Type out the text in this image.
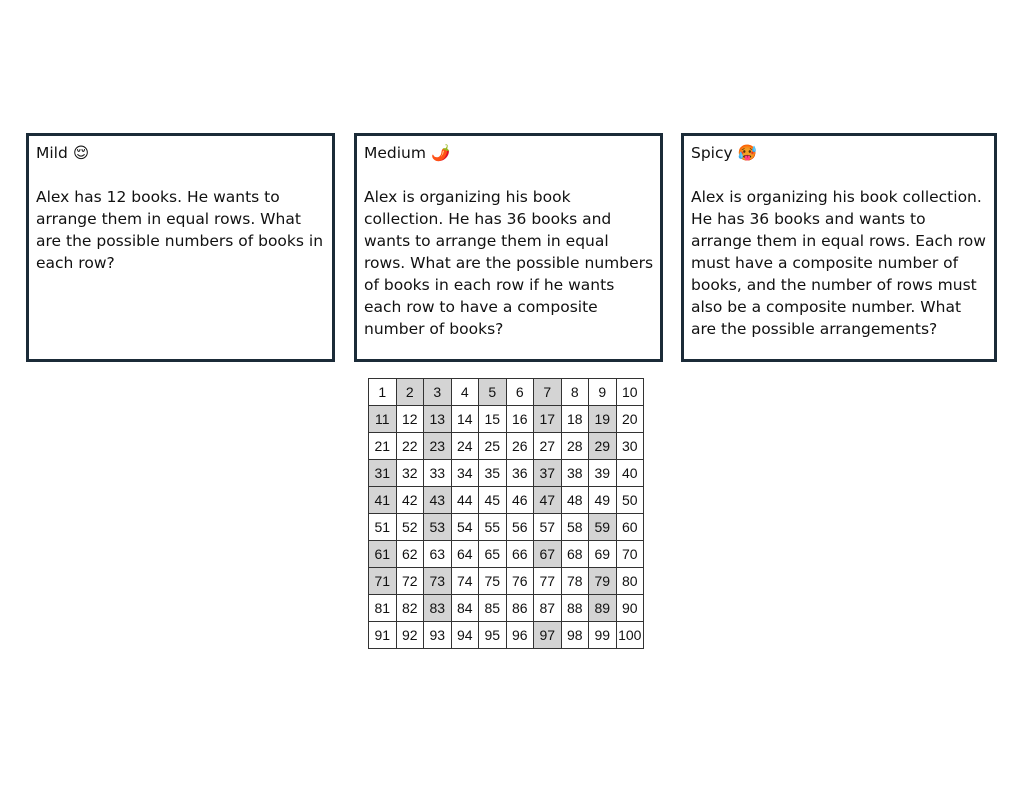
Mild 😌
Alex has 12 books. He wants to arrange them in equal rows. What are the possible numbers of books in each row?
Medium 🌶️
Alex is organizing his book collection. He has 36 books and wants to arrange them in equal rows. What are the possible numbers of books in each row if he wants each row to have a composite number of books?
Spicy 🥵
Alex is organizing his book collection. He has 36 books and wants to arrange them in equal rows. Each row must have a composite number of books, and the number of rows must also be a composite number. What are the possible arrangements?
1	2	3	4	5	6	7	8	9	10
11	12	13	14	15	16	17	18	19	20
21	22	23	24	25	26	27	28	29	30
31	32	33	34	35	36	37	38	39	40
41	42	43	44	45	46	47	48	49	50
51	52	53	54	55	56	57	58	59	60
61	62	63	64	65	66	67	68	69	70
71	72	73	74	75	76	77	78	79	80
81	82	83	84	85	86	87	88	89	90
91	92	93	94	95	96	97	98	99	100
